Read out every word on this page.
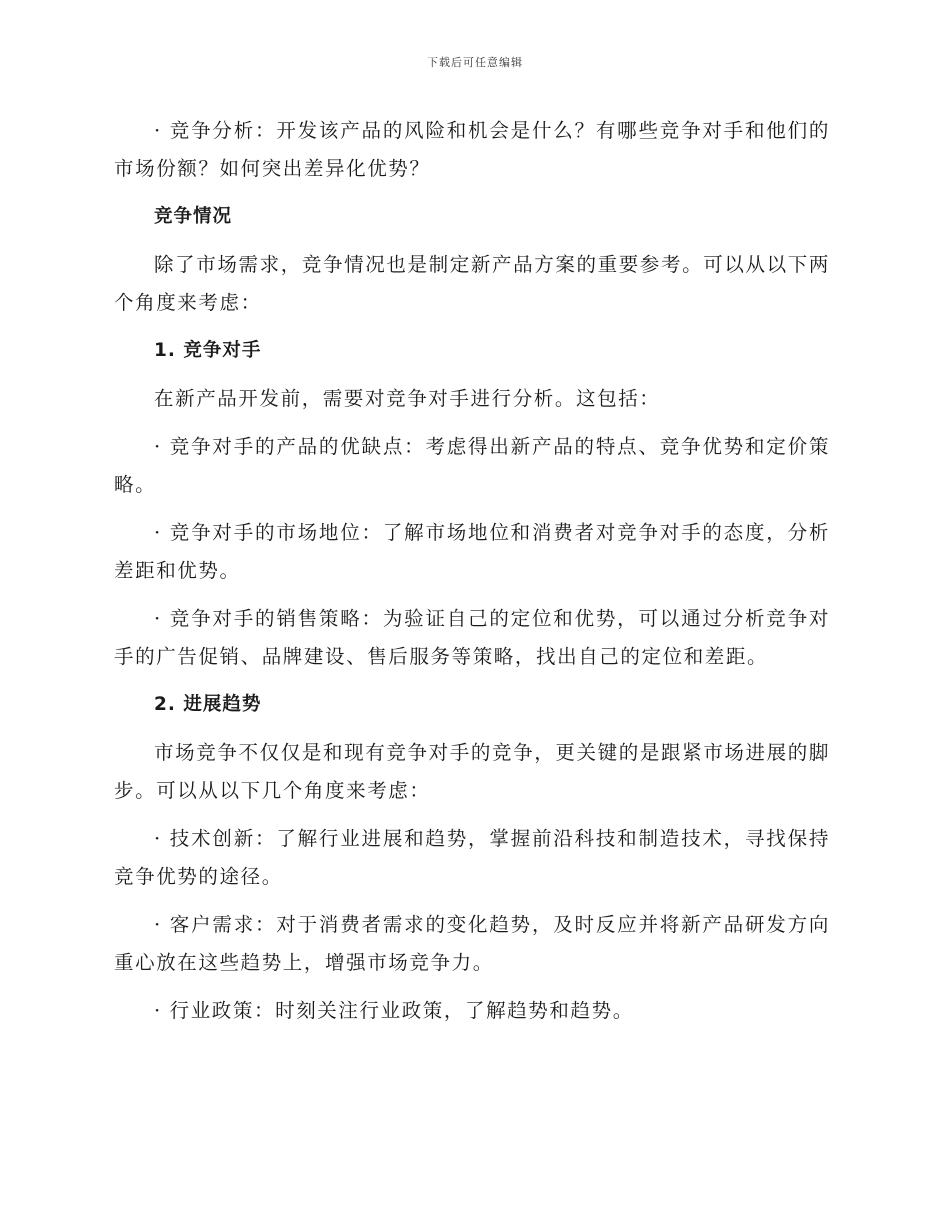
下载后可任意编辑

· 竞争分析：开发该产品的风险和机会是什么？有哪些竞争对手和他们的市场份额？如何突出差异化优势？

竞争情况

除了市场需求，竞争情况也是制定新产品方案的重要参考。可以从以下两个角度来考虑：

1. 竞争对手

在新产品开发前，需要对竞争对手进行分析。这包括：

· 竞争对手的产品的优缺点：考虑得出新产品的特点、竞争优势和定价策略。

· 竞争对手的市场地位：了解市场地位和消费者对竞争对手的态度，分析差距和优势。

· 竞争对手的销售策略：为验证自己的定位和优势，可以通过分析竞争对手的广告促销、品牌建设、售后服务等策略，找出自己的定位和差距。

2. 进展趋势

市场竞争不仅仅是和现有竞争对手的竞争，更关键的是跟紧市场进展的脚步。可以从以下几个角度来考虑：

· 技术创新：了解行业进展和趋势，掌握前沿科技和制造技术，寻找保持竞争优势的途径。

· 客户需求：对于消费者需求的变化趋势，及时反应并将新产品研发方向重心放在这些趋势上，增强市场竞争力。

· 行业政策：时刻关注行业政策，了解趋势和趋势。
